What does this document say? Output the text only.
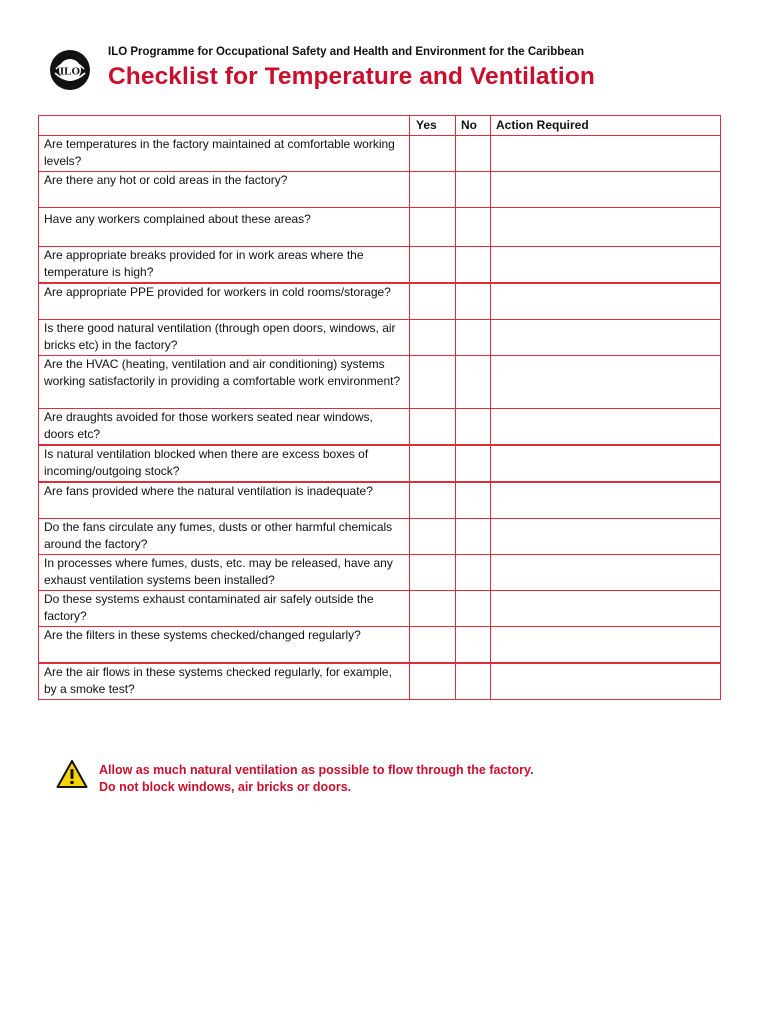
ILO
ILO Programme for Occupational Safety and Health and Environment for the Caribbean
Checklist for Temperature and Ventilation
	Yes	No	Action Required
Are temperatures in the factory maintained at comfortable working levels?			
Are there any hot or cold areas in the factory?			
Have any workers complained about these areas?			
Are appropriate breaks provided for in work areas where the temperature is high?			
Are appropriate PPE provided for workers in cold rooms/storage?			
Is there good natural ventilation (through open doors, windows, air bricks etc) in the factory?			
Are the HVAC (heating, ventilation and air conditioning) systems working satisfactorily in providing a comfortable work environment?			
Are draughts avoided for those workers seated near windows, doors etc?			
Is natural ventilation blocked when there are excess boxes of incoming/outgoing stock?			
Are fans provided where the natural ventilation is inadequate?			
Do the fans circulate any fumes, dusts or other harmful chemicals around the factory?			
In processes where fumes, dusts, etc. may be released, have any exhaust ventilation systems been installed?			
Do these systems exhaust contaminated air safely outside the factory?			
Are the filters in these systems checked/changed regularly?			
Are the air flows in these systems checked regularly, for example, by a smoke test?			
Allow as much natural ventilation as possible to flow through the factory.
Do not block windows, air bricks or doors.
